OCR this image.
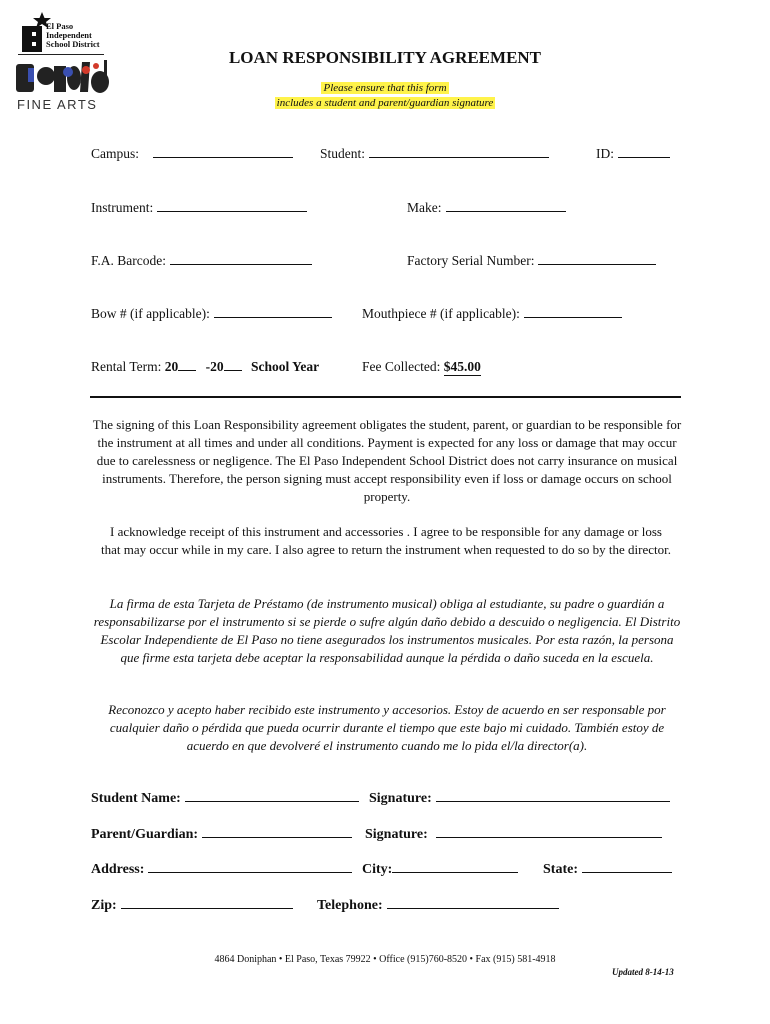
El Paso
Independent
School District
FINE ARTS
LOAN RESPONSIBILITY AGREEMENT
Please ensure that this form
includes a student and parent/guardian signature
Campus:	Student:	ID:
Instrument:	Make:
F.A. Barcode:	Factory Serial Number:
Bow # (if applicable):	Mouthpiece # (if applicable):
Rental Term: 20 -20 School Year	Fee Collected: $45.00
The signing of this Loan Responsibility agreement obligates the student, parent, or guardian to be responsible for the instrument at all times and under all conditions. Payment is expected for any loss or damage that may occur due to carelessness or negligence. The El Paso Independent School District does not carry insurance on musical instruments. Therefore, the person signing must accept responsibility even if loss or damage occurs on school property.
I acknowledge receipt of this instrument and accessories . I agree to be responsible for any damage or loss that may occur while in my care. I also agree to return the instrument when requested to do so by the director.
La firma de esta Tarjeta de Préstamo (de instrumento musical) obliga al estudiante, su padre o guardián a responsabilizarse por el instrumento si se pierde o sufre algún daño debido a descuido o negligencia. El Distrito Escolar Independiente de El Paso no tiene asegurados los instrumentos musicales. Por esta razón, la persona que firme esta tarjeta debe aceptar la responsabilidad aunque la pérdida o daño suceda en la escuela.
Reconozco y acepto haber recibido este instrumento y accesorios. Estoy de acuerdo en ser responsable por cualquier daño o pérdida que pueda ocurrir durante el tiempo que este bajo mi cuidado. También estoy de acuerdo en que devolveré el instrumento cuando me lo pida el/la director(a).
Student Name:	Signature:
Parent/Guardian:	Signature:
Address:	City:	State:
Zip:	Telephone:
4864 Doniphan • El Paso, Texas 79922 • Office (915)760-8520 • Fax (915) 581-4918
Updated 8-14-13
